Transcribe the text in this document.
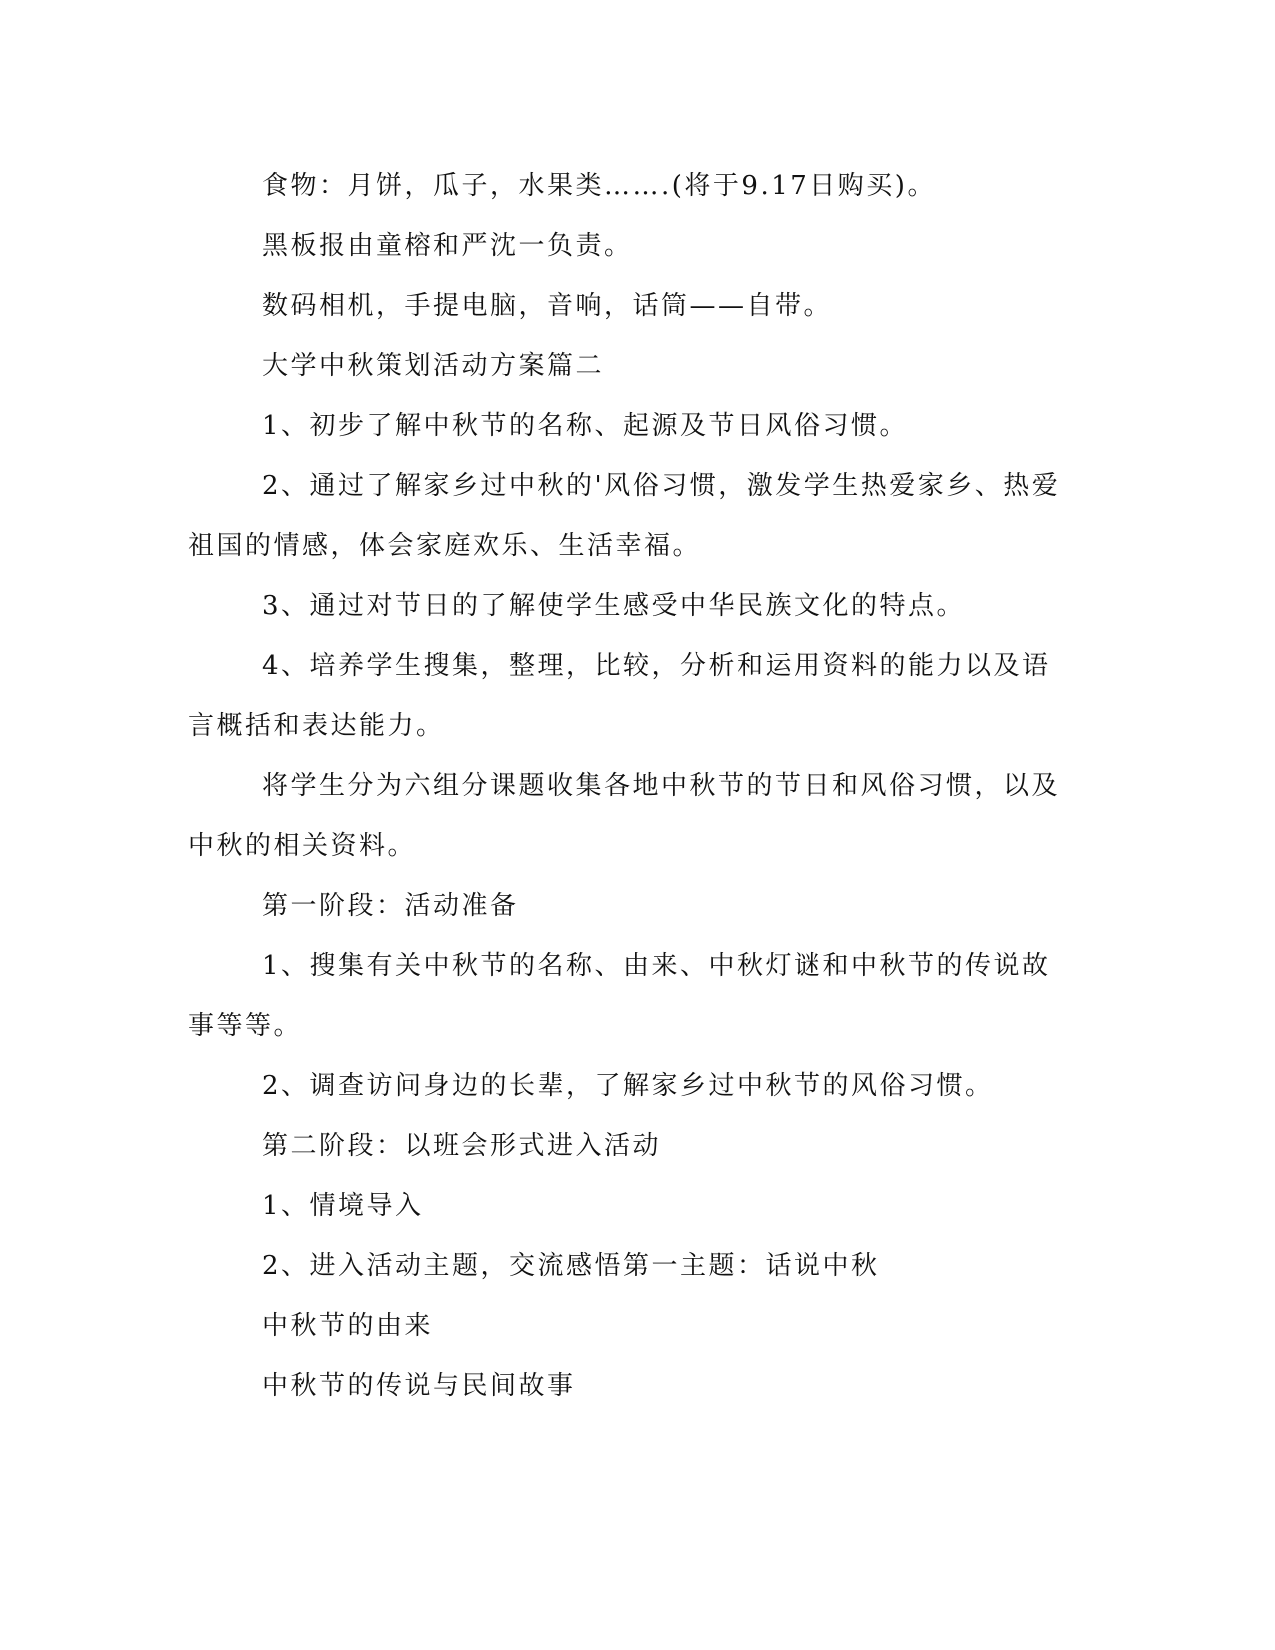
食物：月饼，瓜子，水果类…….(将于9.17日购买)。
黑板报由童榕和严沈一负责。
数码相机，手提电脑，音响，话筒——自带。
大学中秋策划活动方案篇二
1、初步了解中秋节的名称、起源及节日风俗习惯。
2、通过了解家乡过中秋的'风俗习惯，激发学生热爱家乡、热爱
祖国的情感，体会家庭欢乐、生活幸福。
3、通过对节日的了解使学生感受中华民族文化的特点。
4、培养学生搜集，整理，比较，分析和运用资料的能力以及语
言概括和表达能力。
将学生分为六组分课题收集各地中秋节的节日和风俗习惯，以及
中秋的相关资料。
第一阶段：活动准备
1、搜集有关中秋节的名称、由来、中秋灯谜和中秋节的传说故
事等等。
2、调查访问身边的长辈，了解家乡过中秋节的风俗习惯。
第二阶段：以班会形式进入活动
1、情境导入
2、进入活动主题，交流感悟第一主题：话说中秋
中秋节的由来
中秋节的传说与民间故事
